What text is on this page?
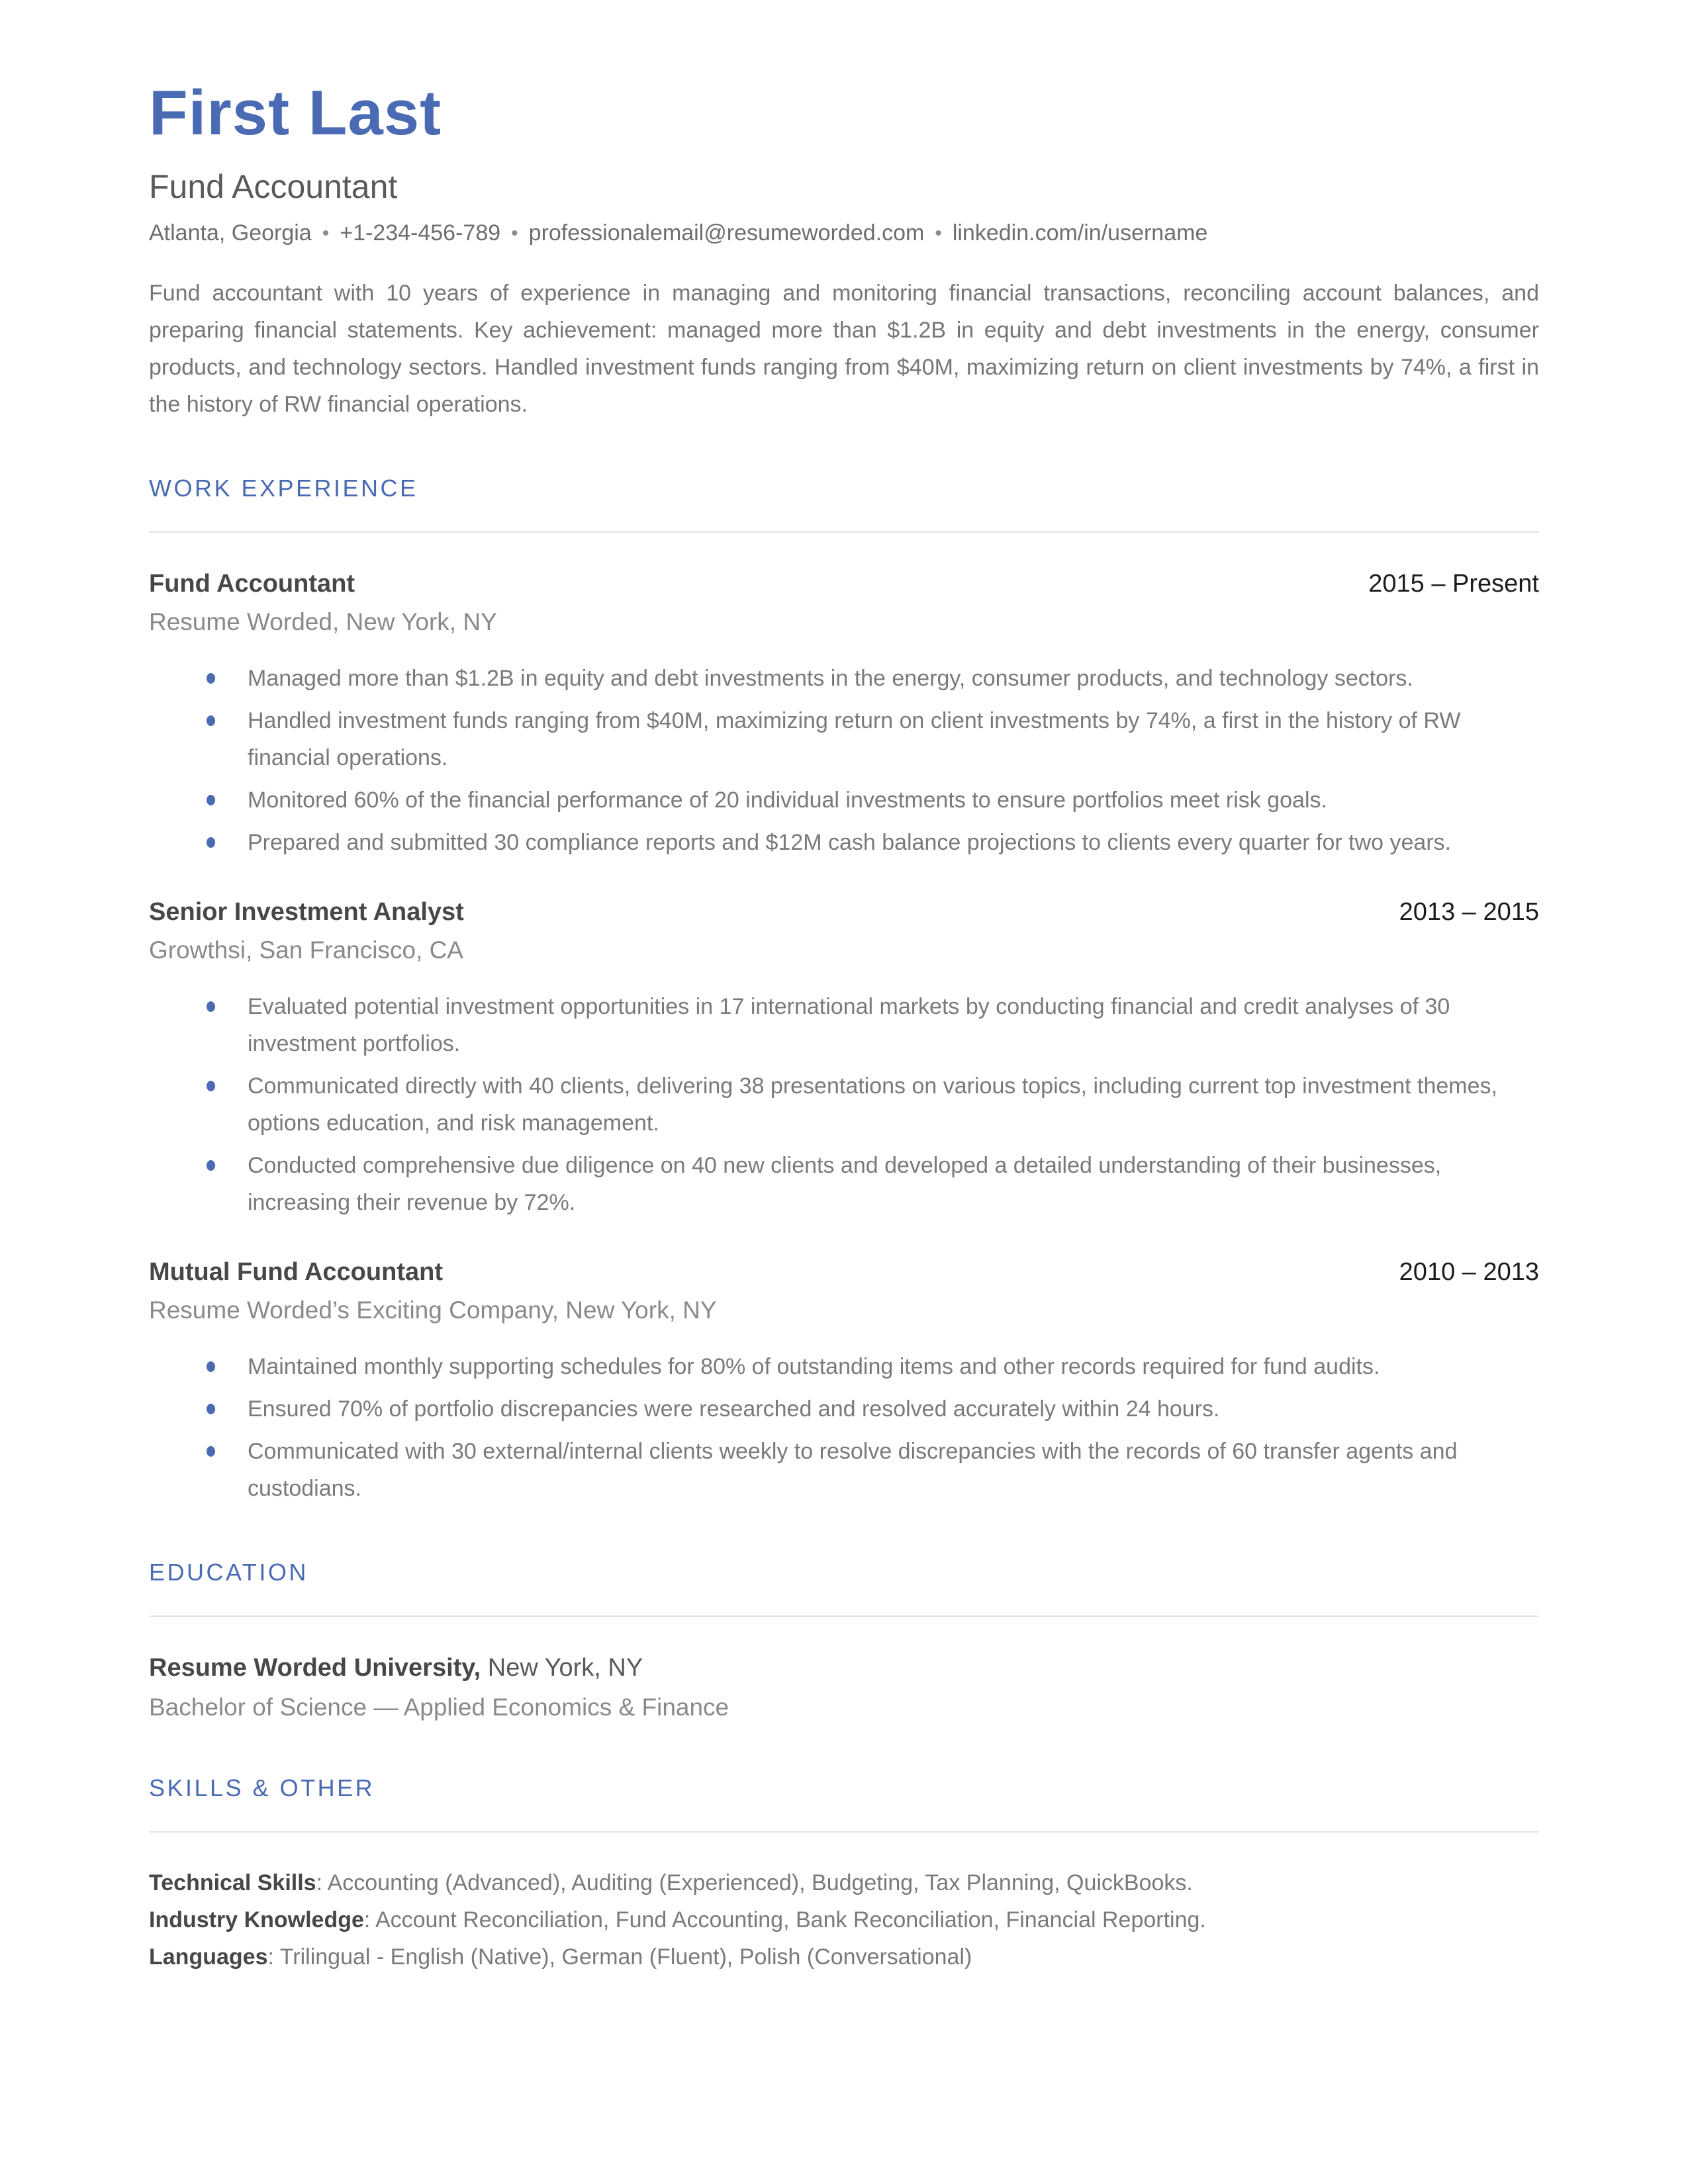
First Last
Fund Accountant
Atlanta, Georgia • +1-234-456-789 • professionalemail@resumeworded.com • linkedin.com/in/username

Fund accountant with 10 years of experience in managing and monitoring financial transactions, reconciling account balances, and preparing financial statements. Key achievement: managed more than $1.2B in equity and debt investments in the energy, consumer products, and technology sectors. Handled investment funds ranging from $40M, maximizing return on client investments by 74%, a first in the history of RW financial operations.

WORK EXPERIENCE
Fund Accountant	2015 – Present
Resume Worded, New York, NY
Managed more than $1.2B in equity and debt investments in the energy, consumer products, and technology sectors.
Handled investment funds ranging from $40M, maximizing return on client investments by 74%, a first in the history of RW financial operations.
Monitored 60% of the financial performance of 20 individual investments to ensure portfolios meet risk goals.
Prepared and submitted 30 compliance reports and $12M cash balance projections to clients every quarter for two years.
Senior Investment Analyst	2013 – 2015
Growthsi, San Francisco, CA
Evaluated potential investment opportunities in 17 international markets by conducting financial and credit analyses of 30 investment portfolios.
Communicated directly with 40 clients, delivering 38 presentations on various topics, including current top investment themes, options education, and risk management.
Conducted comprehensive due diligence on 40 new clients and developed a detailed understanding of their businesses, increasing their revenue by 72%.
Mutual Fund Accountant	2010 – 2013
Resume Worded’s Exciting Company, New York, NY
Maintained monthly supporting schedules for 80% of outstanding items and other records required for fund audits.
Ensured 70% of portfolio discrepancies were researched and resolved accurately within 24 hours.
Communicated with 30 external/internal clients weekly to resolve discrepancies with the records of 60 transfer agents and custodians.
EDUCATION
Resume Worded University, New York, NY
Bachelor of Science — Applied Economics & Finance
SKILLS & OTHER
Technical Skills: Accounting (Advanced), Auditing (Experienced), Budgeting, Tax Planning, QuickBooks.
Industry Knowledge: Account Reconciliation, Fund Accounting, Bank Reconciliation, Financial Reporting.
Languages: Trilingual - English (Native), German (Fluent), Polish (Conversational)
